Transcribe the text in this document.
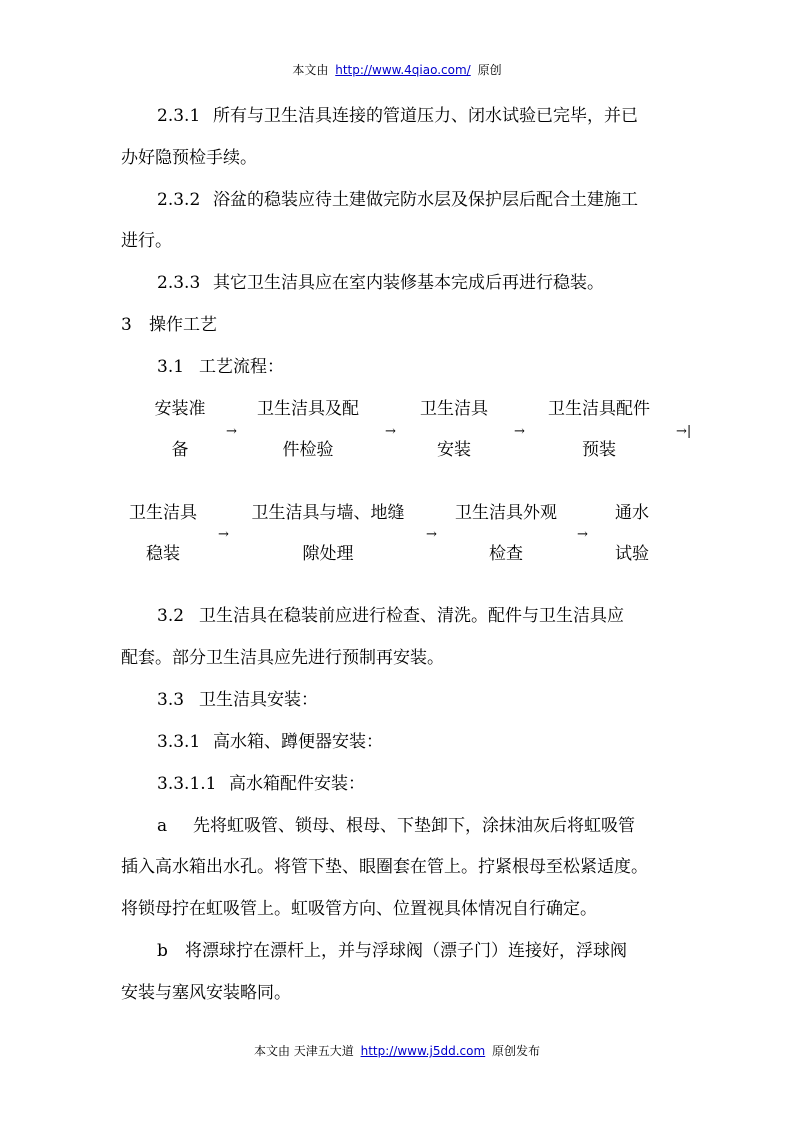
本文由 http://www.4qiao.com/ 原创
2.3.1 所有与卫生洁具连接的管道压力、闭水试验已完毕，并已
办好隐预检手续。
2.3.2 浴盆的稳装应待土建做完防水层及保护层后配合土建施工
进行。
2.3.3 其它卫生洁具应在室内装修基本完成后再进行稳装。
3 操作工艺
3.1 工艺流程：
安装准
备
→
卫生洁具及配
件检验
→
卫生洁具
安装
→
卫生洁具配件
预装
→|
卫生洁具
稳装
→
卫生洁具与墙、地缝
隙处理
→
卫生洁具外观
检查
→
通水
试验
3.2 卫生洁具在稳装前应进行检查、清洗。配件与卫生洁具应
配套。部分卫生洁具应先进行预制再安装。
3.3 卫生洁具安装：
3.3.1 高水箱、蹲便器安装：
3.3.1.1 高水箱配件安装：
a 先将虹吸管、锁母、根母、下垫卸下，涂抹油灰后将虹吸管
插入高水箱出水孔。将管下垫、眼圈套在管上。拧紧根母至松紧适度。
将锁母拧在虹吸管上。虹吸管方向、位置视具体情况自行确定。
b 将漂球拧在漂杆上，并与浮球阀（漂子门）连接好，浮球阀
安装与塞风安装略同。
本文由 天津五大道 http://www.j5dd.com 原创发布
